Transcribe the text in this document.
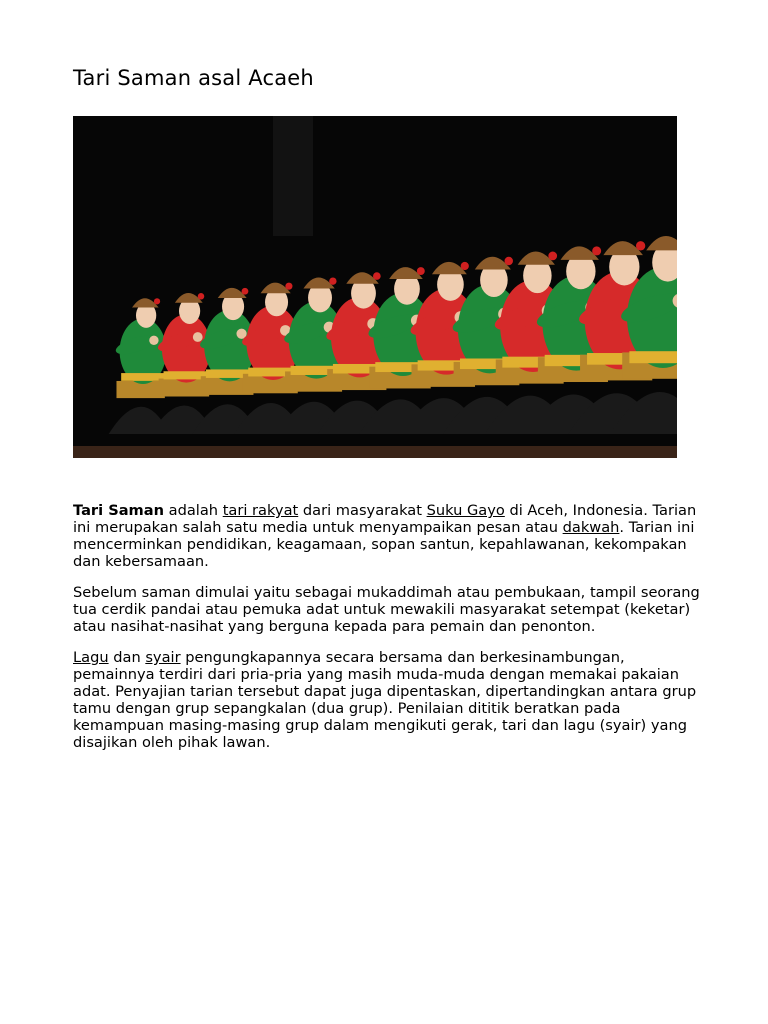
Tari Saman asal Acaeh

Tari Saman adalah tari rakyat dari masyarakat Suku Gayo di Aceh, Indonesia. Tarian ini merupakan salah satu media untuk menyampaikan pesan atau dakwah. Tarian ini mencerminkan pendidikan, keagamaan, sopan santun, kepahlawanan, kekompakan dan kebersamaan.

Sebelum saman dimulai yaitu sebagai mukaddimah atau pembukaan, tampil seorang tua cerdik pandai atau pemuka adat untuk mewakili masyarakat setempat (keketar) atau nasihat-nasihat yang berguna kepada para pemain dan penonton.

Lagu dan syair pengungkapannya secara bersama dan berkesinambungan, pemainnya terdiri dari pria-pria yang masih muda-muda dengan memakai pakaian adat. Penyajian tarian tersebut dapat juga dipentaskan, dipertandingkan antara grup tamu dengan grup sepangkalan (dua grup). Penilaian dititik beratkan pada kemampuan masing-masing grup dalam mengikuti gerak, tari dan lagu (syair) yang disajikan oleh pihak lawan.
